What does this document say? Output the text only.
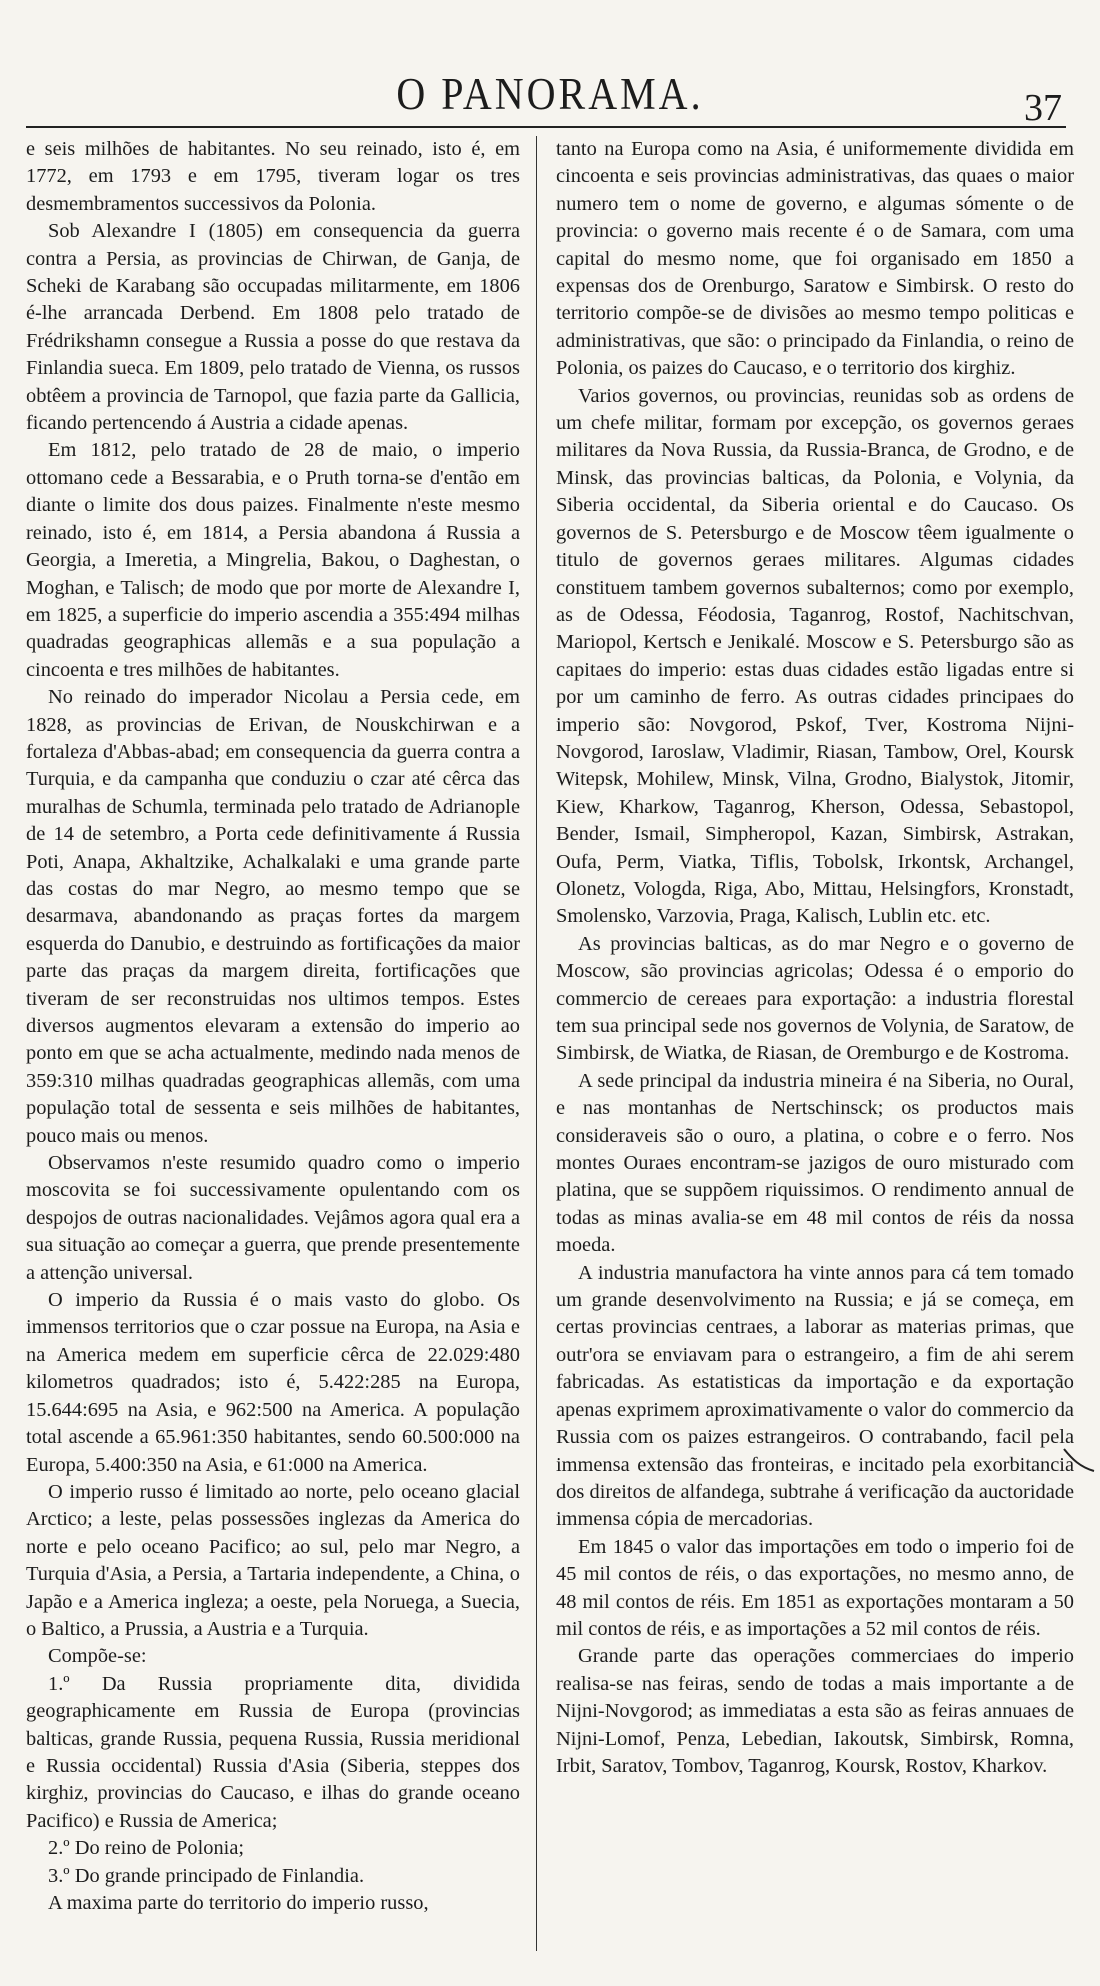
O PANORAMA.	37

e seis milhões de habitantes. No seu reinado, isto é, em 1772, em 1793 e em 1795, tiveram logar os tres desmembramentos successivos da Polonia.

Sob Alexandre I (1805) em consequencia da guerra contra a Persia, as provincias de Chirwan, de Ganja, de Scheki de Karabang são occupadas militarmente, em 1806 é-lhe arrancada Derbend. Em 1808 pelo tratado de Frédrikshamn consegue a Russia a posse do que restava da Finlandia sueca. Em 1809, pelo tratado de Vienna, os russos obtêem a provincia de Tarnopol, que fazia parte da Gallicia, ficando pertencendo á Austria a cidade apenas.

Em 1812, pelo tratado de 28 de maio, o imperio ottomano cede a Bessarabia, e o Pruth torna-se d'então em diante o limite dos dous paizes. Finalmente n'este mesmo reinado, isto é, em 1814, a Persia abandona á Russia a Georgia, a Imeretia, a Mingrelia, Bakou, o Daghestan, o Moghan, e Talisch; de modo que por morte de Alexandre I, em 1825, a superficie do imperio ascendia a 355:494 milhas quadradas geographicas allemãs e a sua população a cincoenta e tres milhões de habitantes.

No reinado do imperador Nicolau a Persia cede, em 1828, as provincias de Erivan, de Nouskchirwan e a fortaleza d'Abbas-abad; em consequencia da guerra contra a Turquia, e da campanha que conduziu o czar até cêrca das muralhas de Schumla, terminada pelo tratado de Adrianople de 14 de setembro, a Porta cede definitivamente á Russia Poti, Anapa, Akhaltzike, Achalkalaki e uma grande parte das costas do mar Negro, ao mesmo tempo que se desarmava, abandonando as praças fortes da margem esquerda do Danubio, e destruindo as fortificações da maior parte das praças da margem direita, fortificações que tiveram de ser reconstruidas nos ultimos tempos. Estes diversos augmentos elevaram a extensão do imperio ao ponto em que se acha actualmente, medindo nada menos de 359:310 milhas quadradas geographicas allemãs, com uma população total de sessenta e seis milhões de habitantes, pouco mais ou menos.

Observamos n'este resumido quadro como o imperio moscovita se foi successivamente opulentando com os despojos de outras nacionalidades. Vejâmos agora qual era a sua situação ao começar a guerra, que prende presentemente a attenção universal.

O imperio da Russia é o mais vasto do globo. Os immensos territorios que o czar possue na Europa, na Asia e na America medem em superficie cêrca de 22.029:480 kilometros quadrados; isto é, 5.422:285 na Europa, 15.644:695 na Asia, e 962:500 na America. A população total ascende a 65.961:350 habitantes, sendo 60.500:000 na Europa, 5.400:350 na Asia, e 61:000 na America.

O imperio russo é limitado ao norte, pelo oceano glacial Arctico; a leste, pelas possessões inglezas da America do norte e pelo oceano Pacifico; ao sul, pelo mar Negro, a Turquia d'Asia, a Persia, a Tartaria independente, a China, o Japão e a America ingleza; a oeste, pela Noruega, a Suecia, o Baltico, a Prussia, a Austria e a Turquia.

Compõe-se:

1.º Da Russia propriamente dita, dividida geographicamente em Russia de Europa (provincias balticas, grande Russia, pequena Russia, Russia meridional e Russia occidental) Russia d'Asia (Siberia, steppes dos kirghiz, provincias do Caucaso, e ilhas do grande oceano Pacifico) e Russia de America;

2.º Do reino de Polonia;

3.º Do grande principado de Finlandia.

A maxima parte do territorio do imperio russo,

tanto na Europa como na Asia, é uniformemente dividida em cincoenta e seis provincias administrativas, das quaes o maior numero tem o nome de governo, e algumas sómente o de provincia: o governo mais recente é o de Samara, com uma capital do mesmo nome, que foi organisado em 1850 a expensas dos de Orenburgo, Saratow e Simbirsk. O resto do territorio compõe-se de divisões ao mesmo tempo politicas e administrativas, que são: o principado da Finlandia, o reino de Polonia, os paizes do Caucaso, e o territorio dos kirghiz.

Varios governos, ou provincias, reunidas sob as ordens de um chefe militar, formam por excepção, os governos geraes militares da Nova Russia, da Russia-Branca, de Grodno, e de Minsk, das provincias balticas, da Polonia, e Volynia, da Siberia occidental, da Siberia oriental e do Caucaso. Os governos de S. Petersburgo e de Moscow têem igualmente o titulo de governos geraes militares. Algumas cidades constituem tambem governos subalternos; como por exemplo, as de Odessa, Féodosia, Taganrog, Rostof, Nachitschvan, Mariopol, Kertsch e Jenikalé. Moscow e S. Petersburgo são as capitaes do imperio: estas duas cidades estão ligadas entre si por um caminho de ferro. As outras cidades principaes do imperio são: Novgorod, Pskof, Tver, Kostroma Nijni-Novgorod, Iaroslaw, Vladimir, Riasan, Tambow, Orel, Koursk Witepsk, Mohilew, Minsk, Vilna, Grodno, Bialystok, Jitomir, Kiew, Kharkow, Taganrog, Kherson, Odessa, Sebastopol, Bender, Ismail, Simpheropol, Kazan, Simbirsk, Astrakan, Oufa, Perm, Viatka, Tiflis, Tobolsk, Irkontsk, Archangel, Olonetz, Vologda, Riga, Abo, Mittau, Helsingfors, Kronstadt, Smolensko, Varzovia, Praga, Kalisch, Lublin etc. etc.

As provincias balticas, as do mar Negro e o governo de Moscow, são provincias agricolas; Odessa é o emporio do commercio de cereaes para exportação: a industria florestal tem sua principal sede nos governos de Volynia, de Saratow, de Simbirsk, de Wiatka, de Riasan, de Oremburgo e de Kostroma.

A sede principal da industria mineira é na Siberia, no Oural, e nas montanhas de Nertschinsck; os productos mais consideraveis são o ouro, a platina, o cobre e o ferro. Nos montes Ouraes encontram-se jazigos de ouro misturado com platina, que se suppõem riquissimos. O rendimento annual de todas as minas avalia-se em 48 mil contos de réis da nossa moeda.

A industria manufactora ha vinte annos para cá tem tomado um grande desenvolvimento na Russia; e já se começa, em certas provincias centraes, a laborar as materias primas, que outr'ora se enviavam para o estrangeiro, a fim de ahi serem fabricadas. As estatisticas da importação e da exportação apenas exprimem aproximativamente o valor do commercio da Russia com os paizes estrangeiros. O contrabando, facil pela immensa extensão das fronteiras, e incitado pela exorbitancia dos direitos de alfandega, subtrahe á verificação da auctoridade immensa cópia de mercadorias.

Em 1845 o valor das importações em todo o imperio foi de 45 mil contos de réis, o das exportações, no mesmo anno, de 48 mil contos de réis. Em 1851 as exportações montaram a 50 mil contos de réis, e as importações a 52 mil contos de réis.

Grande parte das operações commerciaes do imperio realisa-se nas feiras, sendo de todas a mais importante a de Nijni-Novgorod; as immediatas a esta são as feiras annuaes de Nijni-Lomof, Penza, Lebedian, Iakoutsk, Simbirsk, Romna, Irbit, Saratov, Tombov, Taganrog, Koursk, Rostov, Kharkov.
